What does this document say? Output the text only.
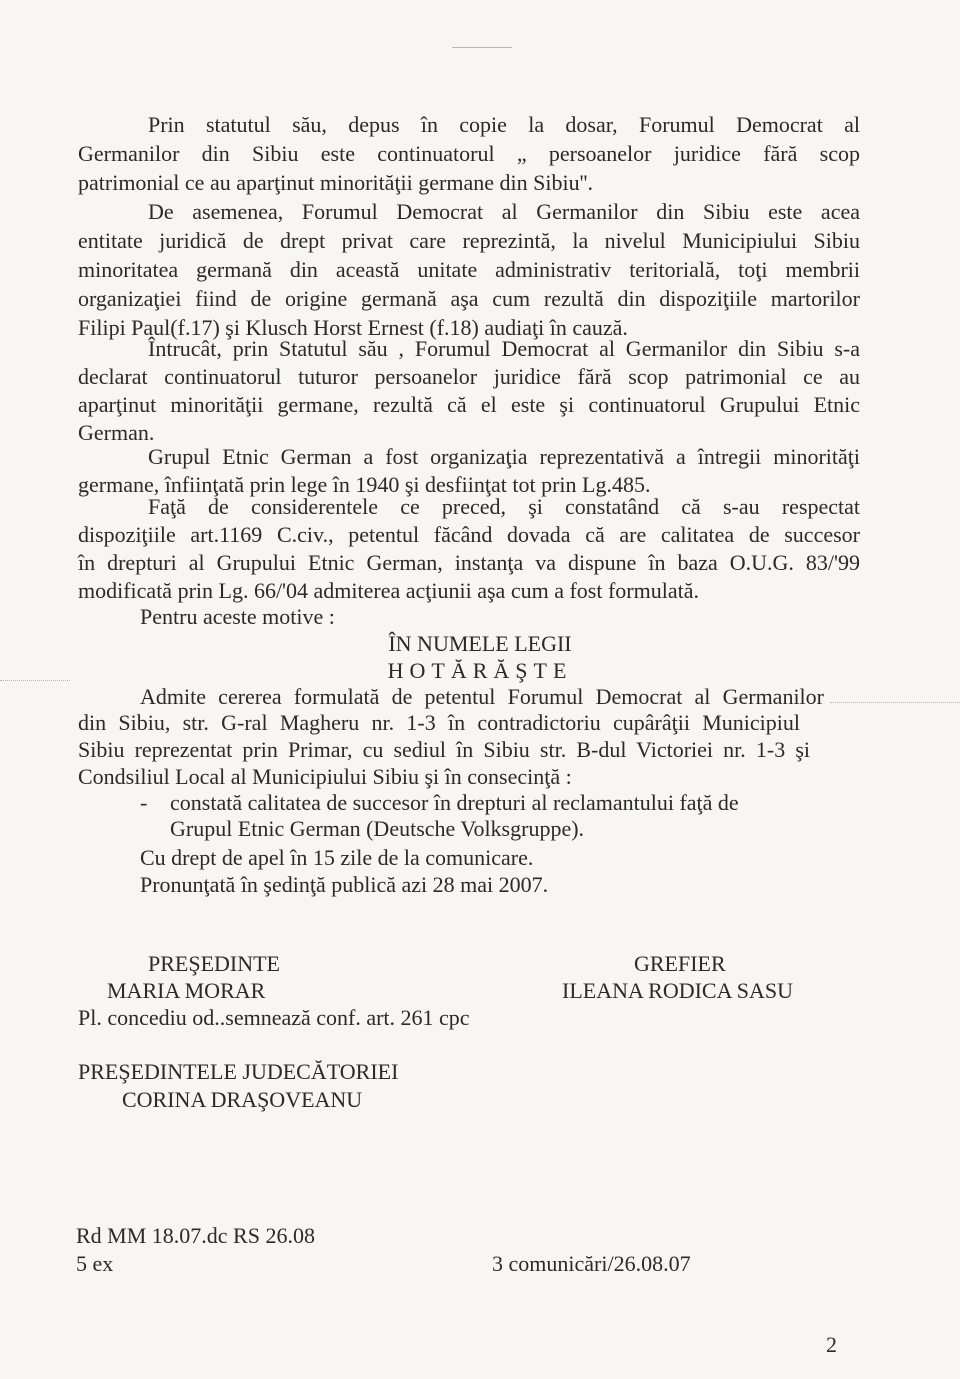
Prin statutul său, depus în copie la dosar, Forumul Democrat al
Germanilor din Sibiu este continuatorul „ persoanelor juridice fără scop
patrimonial ce au aparţinut minorităţii germane din Sibiu''.
De asemenea, Forumul Democrat al Germanilor din Sibiu este acea
entitate juridică de drept privat care reprezintă, la nivelul Municipiului Sibiu
minoritatea germană din această unitate administrativ teritorială, toţi membrii
organizaţiei fiind de origine germană aşa cum rezultă din dispoziţiile martorilor
Filipi Paul(f.17) şi Klusch Horst Ernest (f.18) audiaţi în cauză.
Întrucât, prin Statutul său , Forumul Democrat al Germanilor din Sibiu s-a
declarat continuatorul tuturor persoanelor juridice fără scop patrimonial ce au
aparţinut minorităţii germane, rezultă că el este şi continuatorul Grupului Etnic
German.
Grupul Etnic German a fost organizaţia reprezentativă a întregii minorităţi
germane, înfiinţată prin lege în 1940 şi desfiinţat tot prin Lg.485.
Faţă de considerentele ce preced, şi constatând că s-au respectat
dispoziţiile art.1169 C.civ., petentul făcând dovada că are calitatea de succesor
în drepturi al Grupului Etnic German, instanţa va dispune în baza O.U.G. 83/'99
modificată prin Lg. 66/'04 admiterea acţiunii aşa cum a fost formulată.
Pentru aceste motive :
ÎN NUMELE LEGII
HOTĂRĂŞTE
Admite cererea formulată de petentul Forumul Democrat al Germanilor
din Sibiu, str. G-ral Magheru nr. 1-3 în contradictoriu cupârâţii Municipiul
Sibiu reprezentat prin Primar, cu sediul în Sibiu str. B-dul Victoriei nr. 1-3 şi
Condsiliul Local al Municipiului Sibiu şi în consecinţă :
- constată calitatea de succesor în drepturi al reclamantului faţă de
Grupul Etnic German (Deutsche Volksgruppe).
Cu drept de apel în 15 zile de la comunicare.
Pronunţată în şedinţă publică azi 28 mai 2007.
PREŞEDINTE
MARIA MORAR
Pl. concediu od..semnează conf. art. 261 cpc
GREFIER
ILEANA RODICA SASU
PREŞEDINTELE JUDECĂTORIEI
CORINA DRAŞOVEANU
Rd MM 18.07.dc RS 26.08
5 ex	3 comunicări/26.08.07
2
